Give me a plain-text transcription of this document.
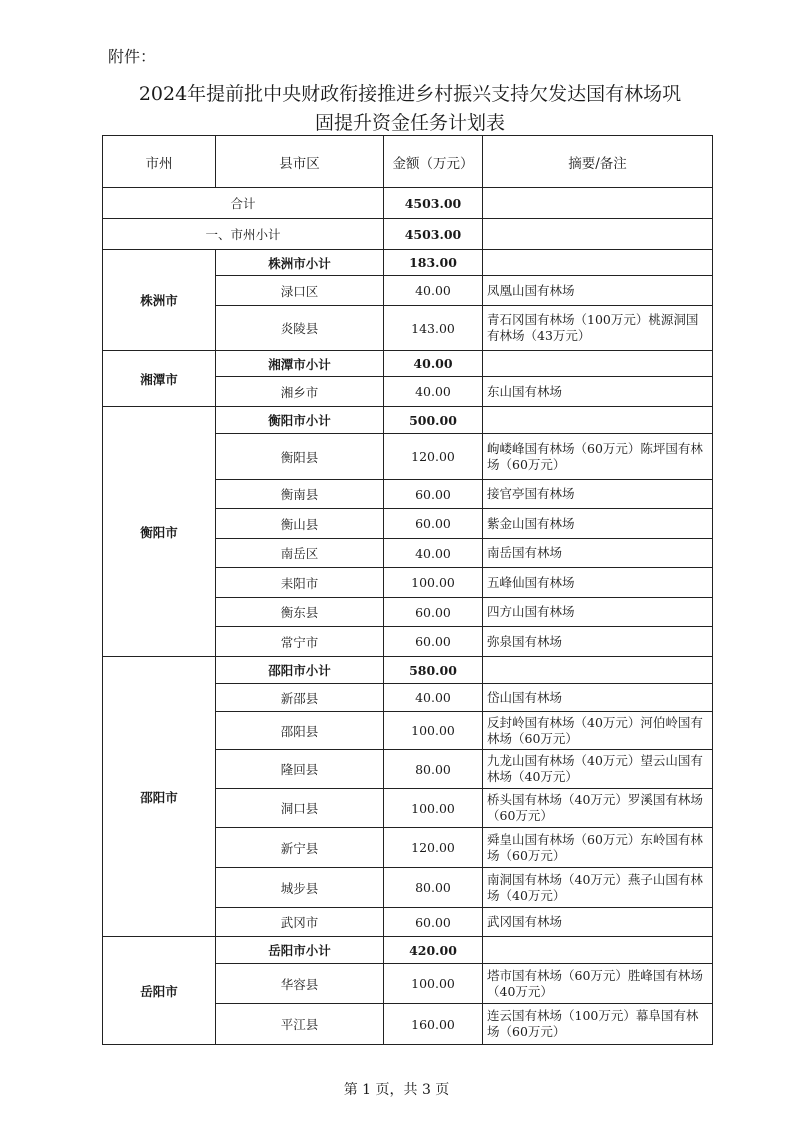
附件：
2024年提前批中央财政衔接推进乡村振兴支持欠发达国有林场巩
固提升资金任务计划表
市州	县市区	金额（万元）	摘要/备注
合计		4503.00	
一、市州小计		4503.00	
株洲市	株洲市小计	183.00	
	渌口区	40.00	凤凰山国有林场
	炎陵县	143.00	青石冈国有林场（100万元）桃源洞国有林场（43万元）
湘潭市	湘潭市小计	40.00	
	湘乡市	40.00	东山国有林场
衡阳市	衡阳市小计	500.00	
	衡阳县	120.00	岣嵝峰国有林场（60万元）陈坪国有林场（60万元）
	衡南县	60.00	接官亭国有林场
	衡山县	60.00	紫金山国有林场
	南岳区	40.00	南岳国有林场
	耒阳市	100.00	五峰仙国有林场
	衡东县	60.00	四方山国有林场
	常宁市	60.00	弥泉国有林场
邵阳市	邵阳市小计	580.00	
	新邵县	40.00	岱山国有林场
	邵阳县	100.00	反封岭国有林场（40万元）河伯岭国有林场（60万元）
	隆回县	80.00	九龙山国有林场（40万元）望云山国有林场（40万元）
	洞口县	100.00	桥头国有林场（40万元）罗溪国有林场（60万元）
	新宁县	120.00	舜皇山国有林场（60万元）东岭国有林场（60万元）
	城步县	80.00	南洞国有林场（40万元）燕子山国有林场（40万元）
	武冈市	60.00	武冈国有林场
岳阳市	岳阳市小计	420.00	
	华容县	100.00	塔市国有林场（60万元）胜峰国有林场（40万元）
	平江县	160.00	连云国有林场（100万元）幕阜国有林场（60万元）
第 1 页，共 3 页
